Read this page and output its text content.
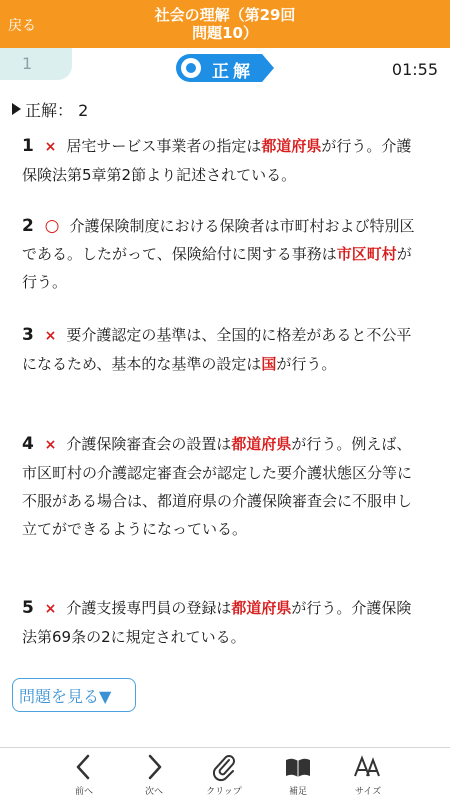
戻る
社会の理解（第29回
問題10）
1	正解	01:55
正解： 2
1 × 居宅サービス事業者の指定は都道府県が行う。介護保険法第5章第2節より記述されている。
2 ○ 介護保険制度における保険者は市町村および特別区である。したがって、保険給付に関する事務は市区町村が行う。
3 × 要介護認定の基準は、全国的に格差があると不公平になるため、基本的な基準の設定は国が行う。
4 × 介護保険審査会の設置は都道府県が行う。例えば、市区町村の介護認定審査会が認定した要介護状態区分等に不服がある場合は、都道府県の介護保険審査会に不服申し立てができるようになっている。
5 × 介護支援専門員の登録は都道府県が行う。介護保険法第69条の2に規定されている。
問題を見る▼
前へ	次へ	クリップ	補足	サイズ
